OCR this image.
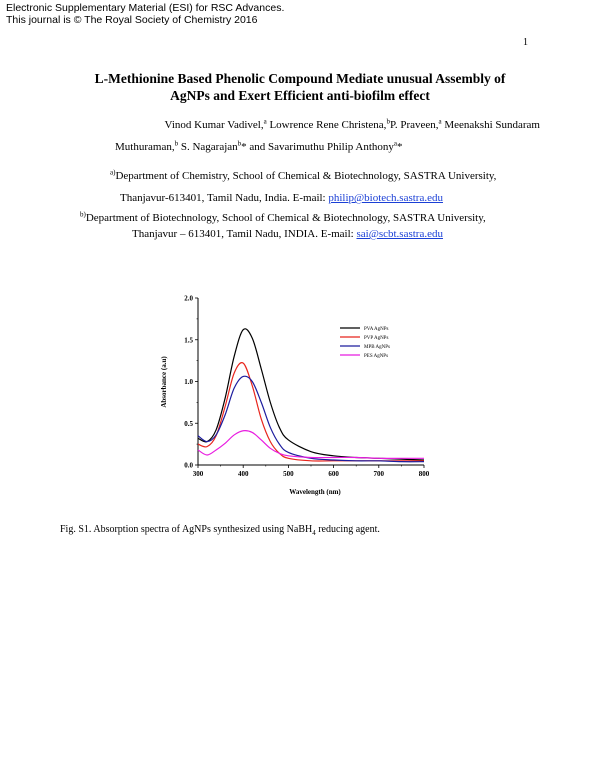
Electronic Supplementary Material (ESI) for RSC Advances.
This journal is © The Royal Society of Chemistry 2016
1
L-Methionine Based Phenolic Compound Mediate unusual Assembly of
AgNPs and Exert Efficient anti-biofilm effect
Vinod Kumar Vadivel,$^a$ Lowrence Rene Christena,$^b$P. Praveen,$^a$ Meenakshi Sundaram
Muthuraman,$^b$ S. Nagarajan$^b$* and Savarimuthu Philip Anthony$^a$*
$^{a)}$Department of Chemistry, School of Chemical & Biotechnology, SASTRA University,
Thanjavur-613401, Tamil Nadu, India. E-mail: philip@biotech.sastra.edu
$^{b)}$Department of Biotechnology, School of Chemical & Biotechnology, SASTRA University,
Thanjavur – 613401, Tamil Nadu, INDIA. E-mail: sai@scbt.sastra.edu
0.0
0.5
1.0
1.5
2.0
300	400	500	600	700	800
PVA AgNPs
PVP AgNPs
MPB AgNPs
PES AgNPs
Absorbance (a.u)
Wavelength (nm)
Fig. S1. Absorption spectra of AgNPs synthesized using NaBH$_4$ reducing agent.
